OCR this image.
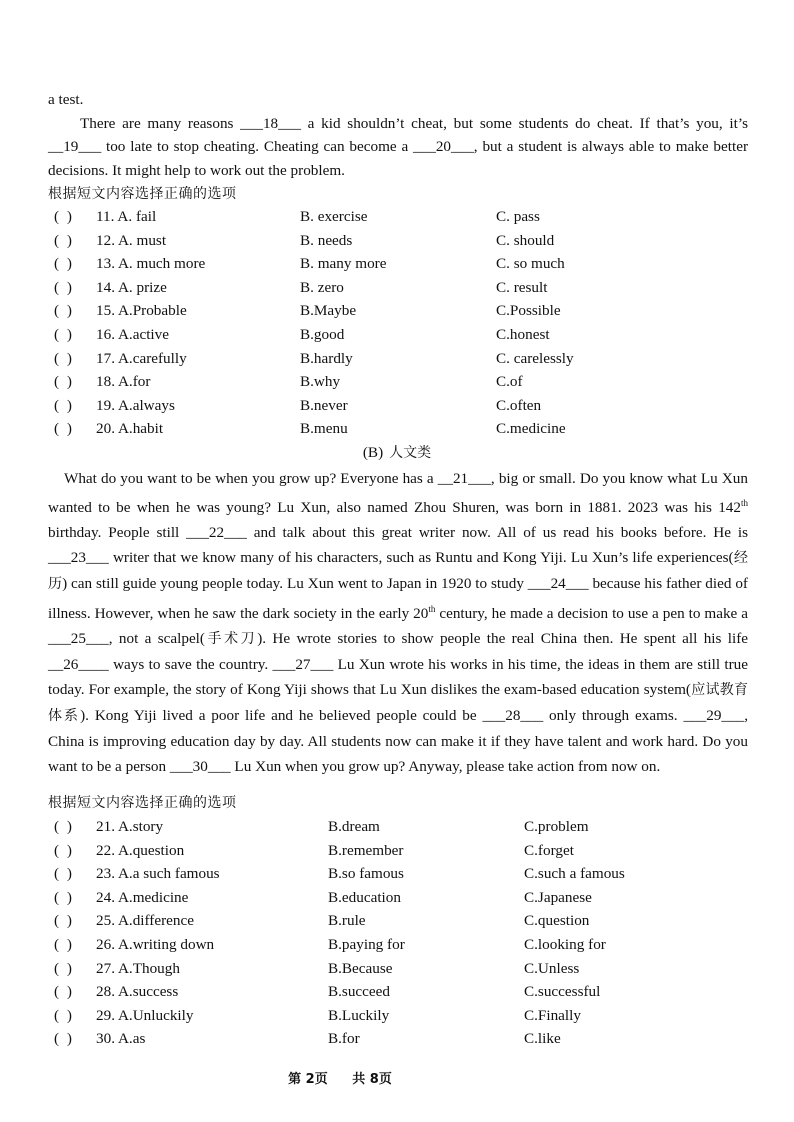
a test.

There are many reasons ___18___ a kid shouldn’t cheat, but some students do cheat. If that’s you, it’s __19___ too late to stop cheating. Cheating can become a ___20___, but a student is always able to make better decisions. It might help to work out the problem.

根据短文内容选择正确的选项
( ) 11. A. fail	B. exercise	C. pass
( ) 12. A. must	B. needs	C. should
( ) 13. A. much more	B. many more	C. so much
( ) 14. A. prize	B. zero	C. result
( ) 15. A.Probable	B.Maybe	C.Possible
( ) 16. A.active	B.good	C.honest
( ) 17. A.carefully	B.hardly	C. carelessly
( ) 18. A.for	B.why	C.of
( ) 19. A.always	B.never	C.often
( ) 20. A.habit	B.menu	C.medicine
(B) 人文类

What do you want to be when you grow up? Everyone has a __21___, big or small. Do you know what Lu Xun wanted to be when he was young? Lu Xun, also named Zhou Shuren, was born in 1881. 2023 was his 142th birthday. People still ___22___ and talk about this great writer now. All of us read his books before. He is ___23___ writer that we know many of his characters, such as Runtu and Kong Yiji. Lu Xun’s life experiences(经历) can still guide young people today. Lu Xun went to Japan in 1920 to study ___24___ because his father died of illness. However, when he saw the dark society in the early 20th century, he made a decision to use a pen to make a ___25___, not a scalpel(手术刀). He wrote stories to show people the real China then. He spent all his life __26____ ways to save the country. ___27___ Lu Xun wrote his works in his time, the ideas in them are still true today. For example, the story of Kong Yiji shows that Lu Xun dislikes the exam-based education system(应试教育体系). Kong Yiji lived a poor life and he believed people could be ___28___ only through exams. ___29___, China is improving education day by day. All students now can make it if they have talent and work hard. Do you want to be a person ___30___ Lu Xun when you grow up? Anyway, please take action from now on.

根据短文内容选择正确的选项
( ) 21. A.story	B.dream	C.problem
( ) 22. A.question	B.remember	C.forget
( ) 23. A.a such famous	B.so famous	C.such a famous
( ) 24. A.medicine	B.education	C.Japanese
( ) 25. A.difference	B.rule	C.question
( ) 26. A.writing down	B.paying for	C.looking for
( ) 27. A.Though	B.Because	C.Unless
( ) 28. A.success	B.succeed	C.successful
( ) 29. A.Unluckily	B.Luckily	C.Finally
( ) 30. A.as	B.for	C.like
第 2页 共 8页
